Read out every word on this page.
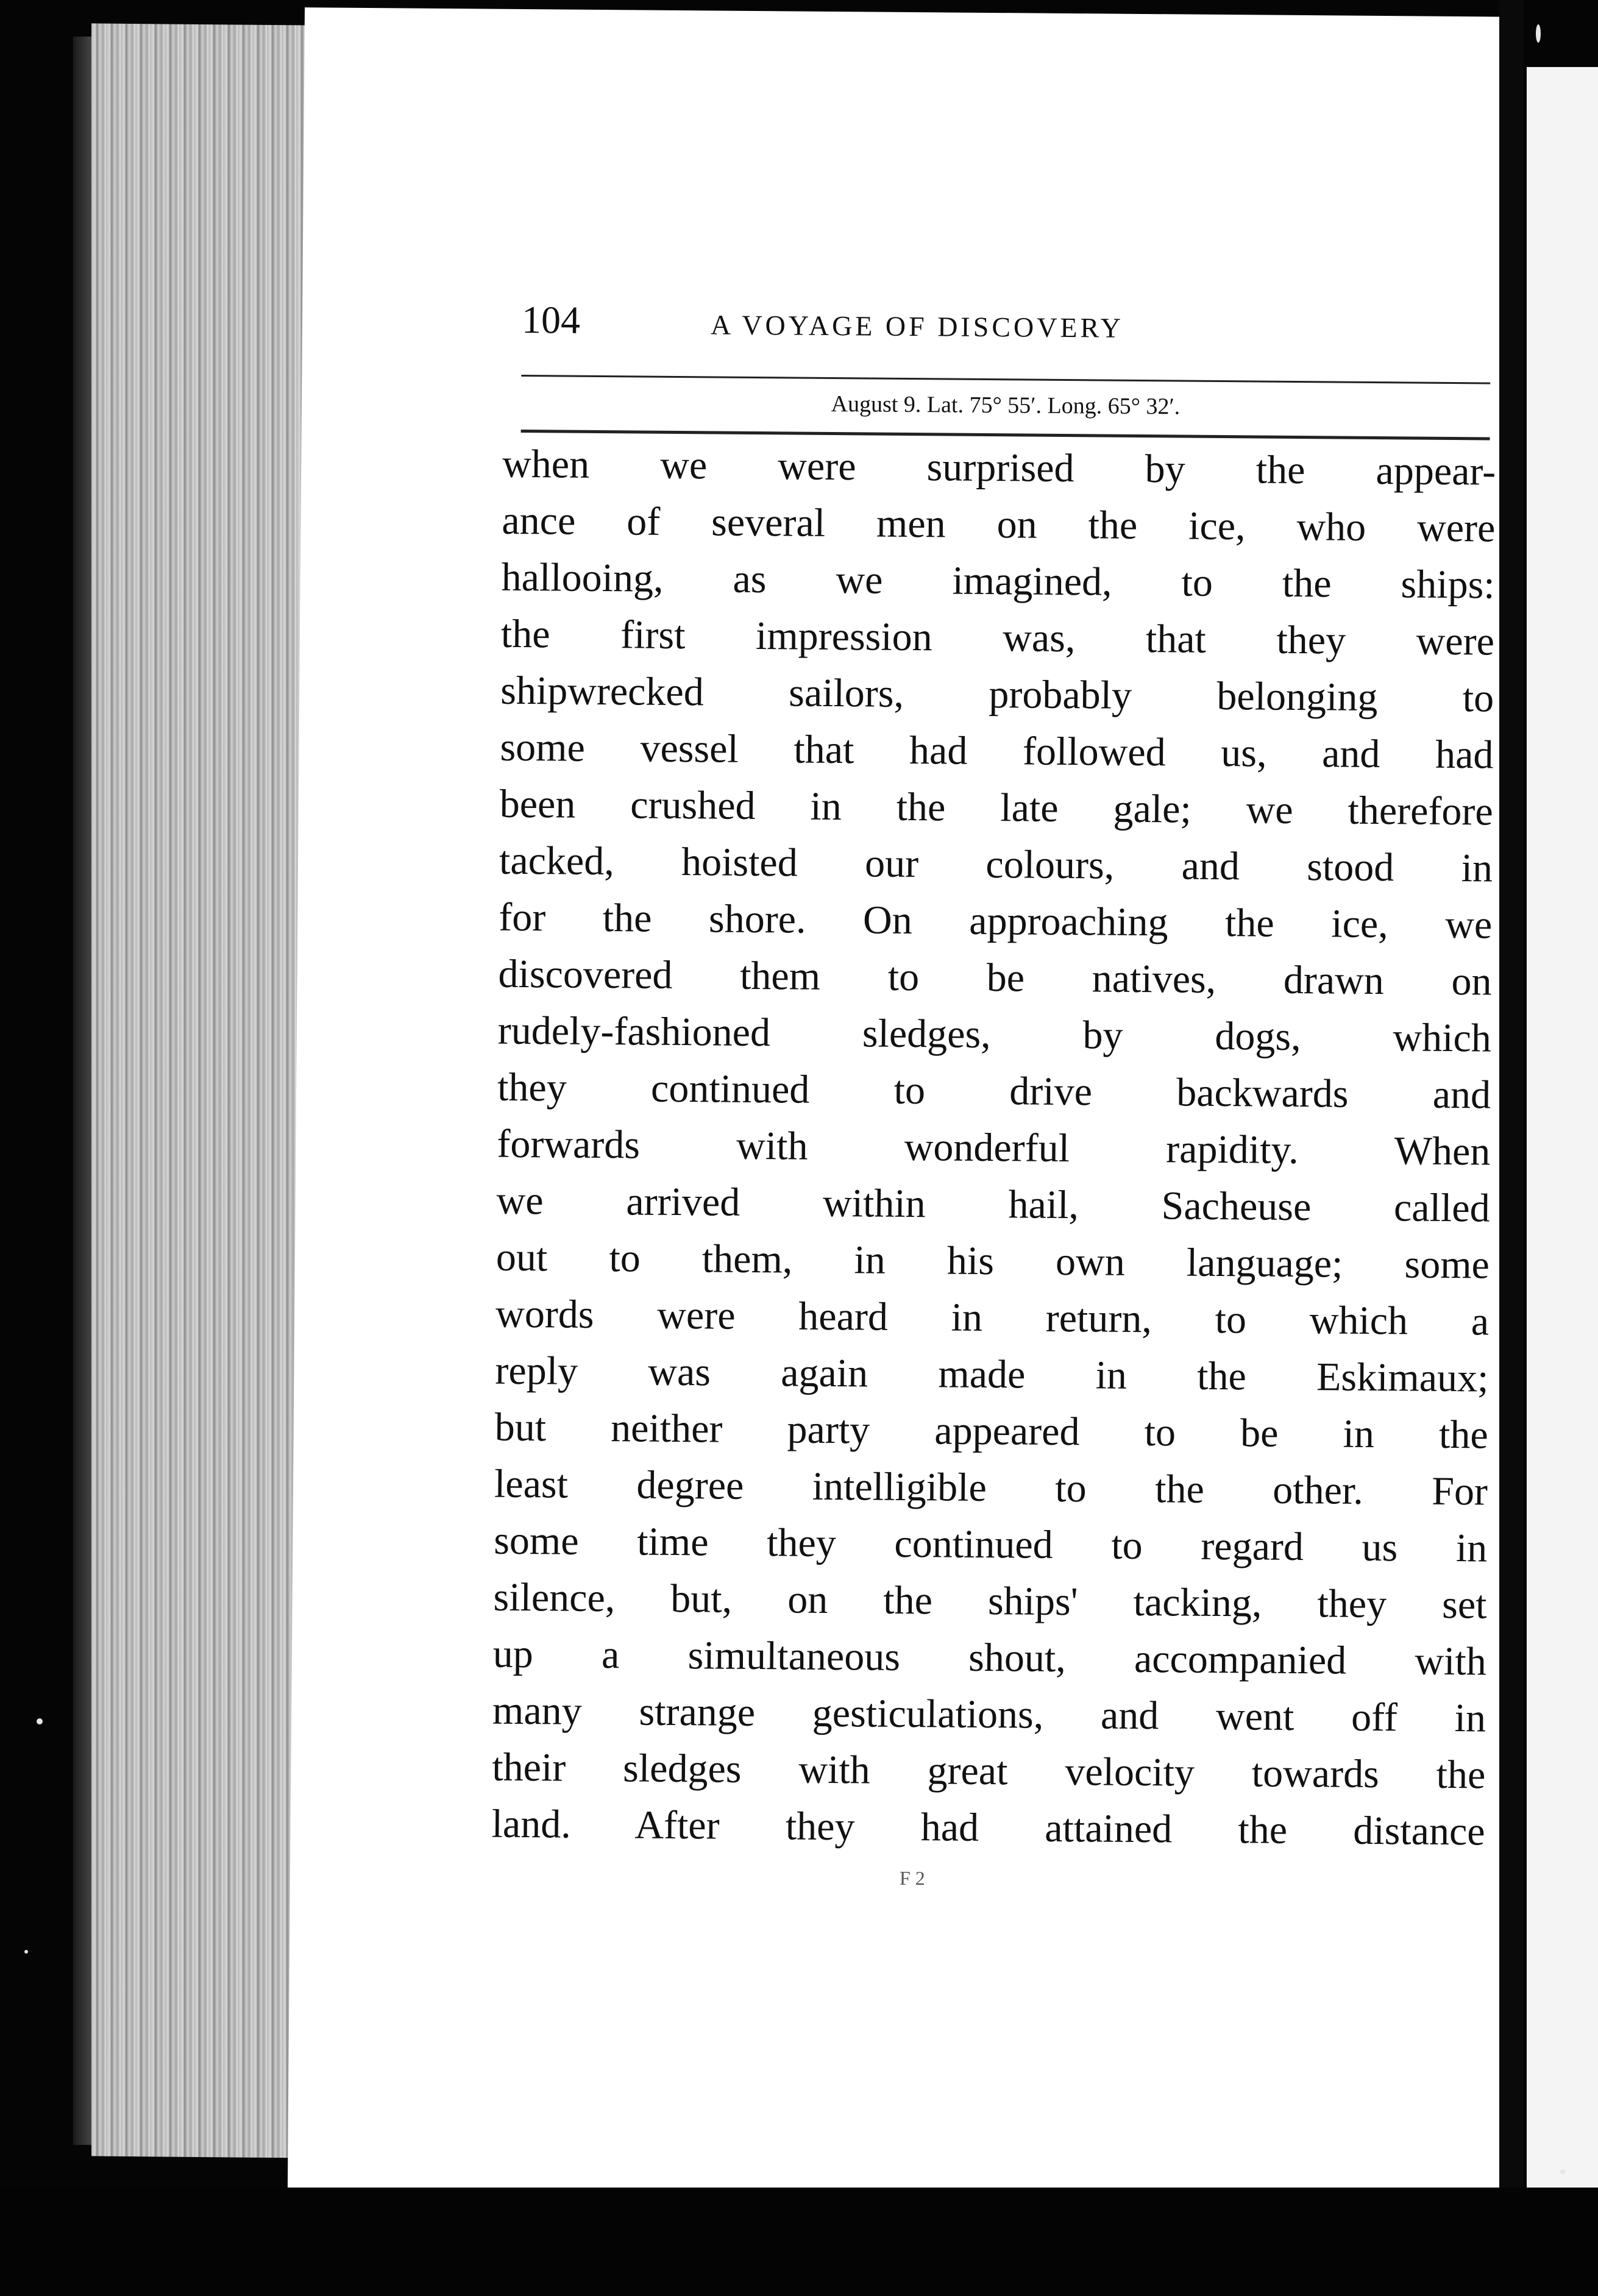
104	A VOYAGE OF DISCOVERY
August 9. Lat. 75° 55′. Long. 65° 32′.
when we were surprised by the appear-
ance of several men on the ice, who were
hallooing, as we imagined, to the ships:
the first impression was, that they were
shipwrecked sailors, probably belonging to
some vessel that had followed us, and had
been crushed in the late gale; we therefore
tacked, hoisted our colours, and stood in
for the shore. On approaching the ice, we
discovered them to be natives, drawn on
rudely-fashioned sledges, by dogs, which
they continued to drive backwards and
forwards with wonderful rapidity. When
we arrived within hail, Sacheuse called
out to them, in his own language; some
words were heard in return, to which a
reply was again made in the Eskimaux;
but neither party appeared to be in the
least degree intelligible to the other. For
some time they continued to regard us in
silence, but, on the ships' tacking, they set
up a simultaneous shout, accompanied with
many strange gesticulations, and went off in
their sledges with great velocity towards the
land. After they had attained the distance
F 2
